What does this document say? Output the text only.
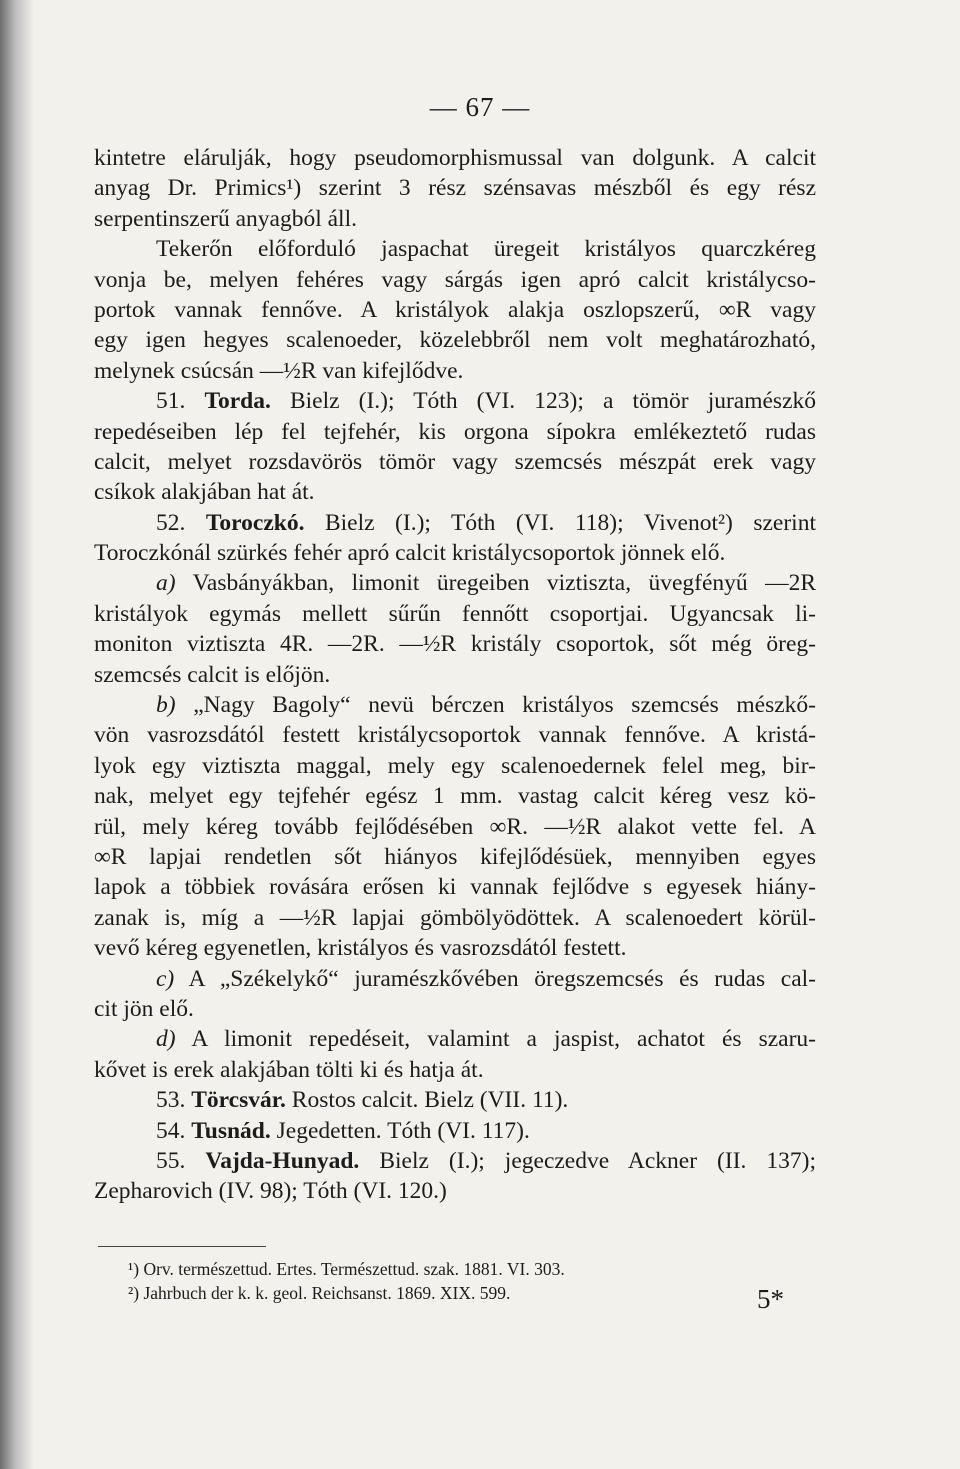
— 67 —
kintetre elárulják, hogy pseudomorphismussal van dolgunk. A calcit
anyag Dr. Primics¹) szerint 3 rész szénsavas mészből és egy rész
serpentinszerű anyagból áll.
Tekerőn előforduló jaspachat üregeit kristályos quarczkéreg
vonja be, melyen fehéres vagy sárgás igen apró calcit kristálycso-
portok vannak fennőve. A kristályok alakja oszlopszerű, ∞R vagy
egy igen hegyes scalenoeder, közelebbről nem volt meghatározható,
melynek csúcsán —½R van kifejlődve.
51. Torda. Bielz (I.); Tóth (VI. 123); a tömör juramészkő
repedéseiben lép fel tejfehér, kis orgona sípokra emlékeztető rudas
calcit, melyet rozsdavörös tömör vagy szemcsés mészpát erek vagy
csíkok alakjában hat át.
52. Toroczkó. Bielz (I.); Tóth (VI. 118); Vivenot²) szerint
Toroczkónál szürkés fehér apró calcit kristálycsoportok jönnek elő.
a) Vasbányákban, limonit üregeiben viztiszta, üvegfényű —2R
kristályok egymás mellett sűrűn fennőtt csoportjai. Ugyancsak li-
moniton viztiszta 4R. —2R. —½R kristály csoportok, sőt még öreg-
szemcsés calcit is előjön.
b) „Nagy Bagoly“ nevü bérczen kristályos szemcsés mészkő-
vön vasrozsdától festett kristálycsoportok vannak fennőve. A kristá-
lyok egy viztiszta maggal, mely egy scalenoedernek felel meg, bir-
nak, melyet egy tejfehér egész 1 mm. vastag calcit kéreg vesz kö-
rül, mely kéreg tovább fejlődésében ∞R. —½R alakot vette fel. A
∞R lapjai rendetlen sőt hiányos kifejlődésüek, mennyiben egyes
lapok a többiek rovására erősen ki vannak fejlődve s egyesek hiány-
zanak is, míg a —½R lapjai gömbölyödöttek. A scalenoedert körül-
vevő kéreg egyenetlen, kristályos és vasrozsdától festett.
c) A „Székelykő“ juramészkővében öregszemcsés és rudas cal-
cit jön elő.
d) A limonit repedéseit, valamint a jaspist, achatot és szaru-
kővet is erek alakjában tölti ki és hatja át.
53. Törcsvár. Rostos calcit. Bielz (VII. 11).
54. Tusnád. Jegedetten. Tóth (VI. 117).
55. Vajda-Hunyad. Bielz (I.); jegeczedve Ackner (II. 137);
Zepharovich (IV. 98); Tóth (VI. 120.)
¹) Orv. természettud. Ertes. Természettud. szak. 1881. VI. 303.
²) Jahrbuch der k. k. geol. Reichsanst. 1869. XIX. 599.	5*
